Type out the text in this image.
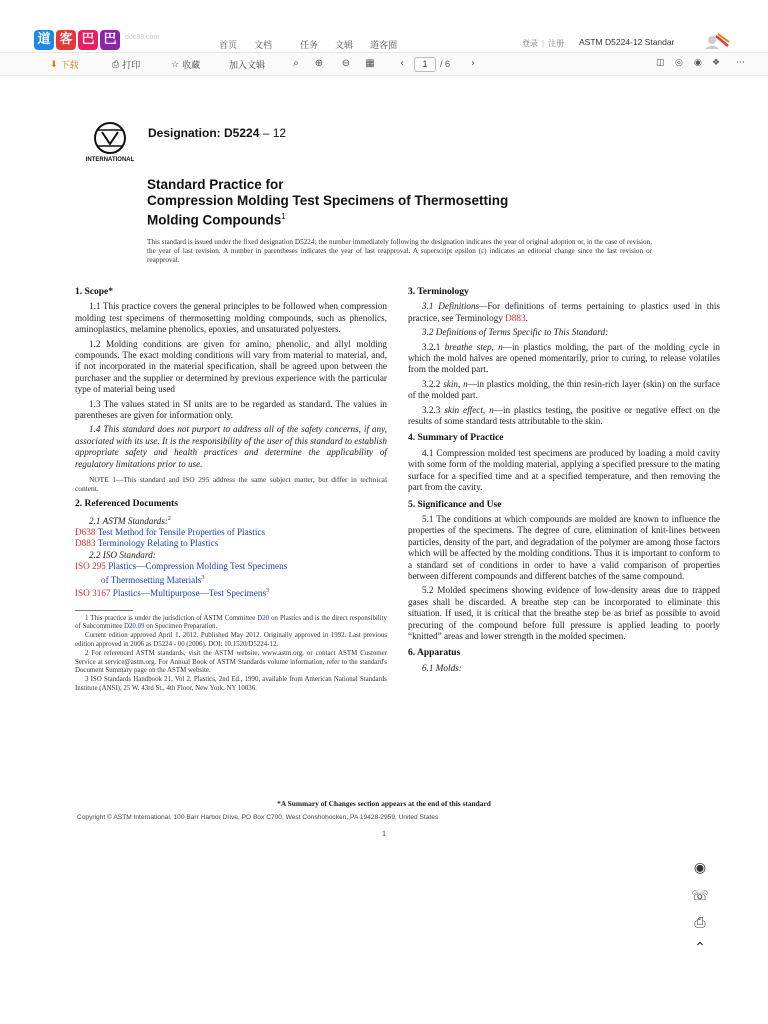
道 客 巴 巴	doc88.com
首页 文档	任务 文辑 道客圈	登录 | 注册 ASTM D5224-12 Standar
⬇ 下载	⎙ 打印	☆ 收藏	加入文辑	⌕	⊕	⊖	▦	‹	1	/ 6	›	◫ ◎ ◉ ❖ ⋯
INTERNATIONAL
Designation: D5224 – 12
Standard Practice for
Compression Molding Test Specimens of Thermosetting
Molding Compounds$^1$
This standard is issued under the fixed designation D5224; the number immediately following the designation indicates the year of original adoption or, in the case of revision, the year of last revision. A number in parentheses indicates the year of last reapproval. A superscript epsilon (ε) indicates an editorial change since the last revision or reapproval.
1. Scope*
1.1 This practice covers the general principles to be followed when compression molding test specimens of thermosetting molding compounds, such as phenolics, aminoplastics, melamine phenolics, epoxies, and unsaturated polyesters.
1.2 Molding conditions are given for amino, phenolic, and allyl molding compounds. The exact molding conditions will vary from material to material, and, if not incorporated in the material specification, shall be agreed upon between the purchaser and the supplier or determined by previous experience with the particular type of material being used
1.3 The values stated in SI units are to be regarded as standard. The values in parentheses are given for information only.
1.4 This standard does not purport to address all of the safety concerns, if any, associated with its use. It is the responsibility of the user of this standard to establish appropriate safety and health practices and determine the applicability of regulatory limitations prior to use.
NOTE 1—This standard and ISO 295 address the same subject matter, but differ in technical content.
2. Referenced Documents
2.1 ASTM Standards:$^2$
D638 Test Method for Tensile Properties of Plastics
D883 Terminology Relating to Plastics
2.2 ISO Standard:
ISO 295 Plastics—Compression Molding Test Specimens
of Thermosetting Materials$^3$
ISO 3167 Plastics—Multipurpose—Test Specimens$^3$
1 This practice is under the jurisdiction of ASTM Committee D20 on Plastics and is the direct responsibility of Subcommittee D20.09 on Specimen Preparation.
Current edition approved April 1, 2012. Published May 2012. Originally approved in 1992. Last previous edition approved in 2006 as D5224 - 00 (2006). DOI: 10.1520/D5224-12.
2 For referenced ASTM standards, visit the ASTM website, www.astm.org, or contact ASTM Customer Service at service@astm.org. For Annual Book of ASTM Standards volume information, refer to the standard's Document Summary page on the ASTM website.
3 ISO Standards Handbook 21, Vol 2, Plastics, 2nd Ed., 1990, available from American National Standards Institute (ANSI), 25 W. 43rd St., 4th Floor, New York, NY 10036.
3. Terminology
3.1 Definitions—For definitions of terms pertaining to plastics used in this practice, see Terminology D883.
3.2 Definitions of Terms Specific to This Standard:
3.2.1 breathe step, n—in plastics molding, the part of the molding cycle in which the mold halves are opened momentarily, prior to curing, to release volatiles from the molded part.
3.2.2 skin, n—in plastics molding, the thin resin-rich layer (skin) on the surface of the molded part.
3.2.3 skin effect, n—in plastics testing, the positive or negative effect on the results of some standard tests attributable to the skin.
4. Summary of Practice
4.1 Compression molded test specimens are produced by loading a mold cavity with some form of the molding material, applying a specified pressure to the mating surface for a specified time and at a specified temperature, and then removing the part from the cavity.
5. Significance and Use
5.1 The conditions at which compounds are molded are known to influence the properties of the specimens. The degree of cure, elimination of knit-lines between particles, density of the part, and degradation of the polymer are among those factors which will be affected by the molding conditions. Thus it is important to conform to a standard set of conditions in order to have a valid comparison of properties between different compounds and different batches of the same compound.
5.2 Molded specimens showing evidence of low-density areas due to trapped gases shall be discarded. A breathe step can be incorporated to eliminate this situation. If used, it is critical that the breathe step be as brief as possible to avoid precuring of the compound before full pressure is applied leading to poorly “knitted” areas and lower strength in the molded specimen.
6. Apparatus
6.1 Molds:
*A Summary of Changes section appears at the end of this standard
Copyright © ASTM International, 100 Barr Harbor Drive, PO Box C700, West Conshohocken, PA 19428-2959. United States
1
◉
☏
⎙
⌃
